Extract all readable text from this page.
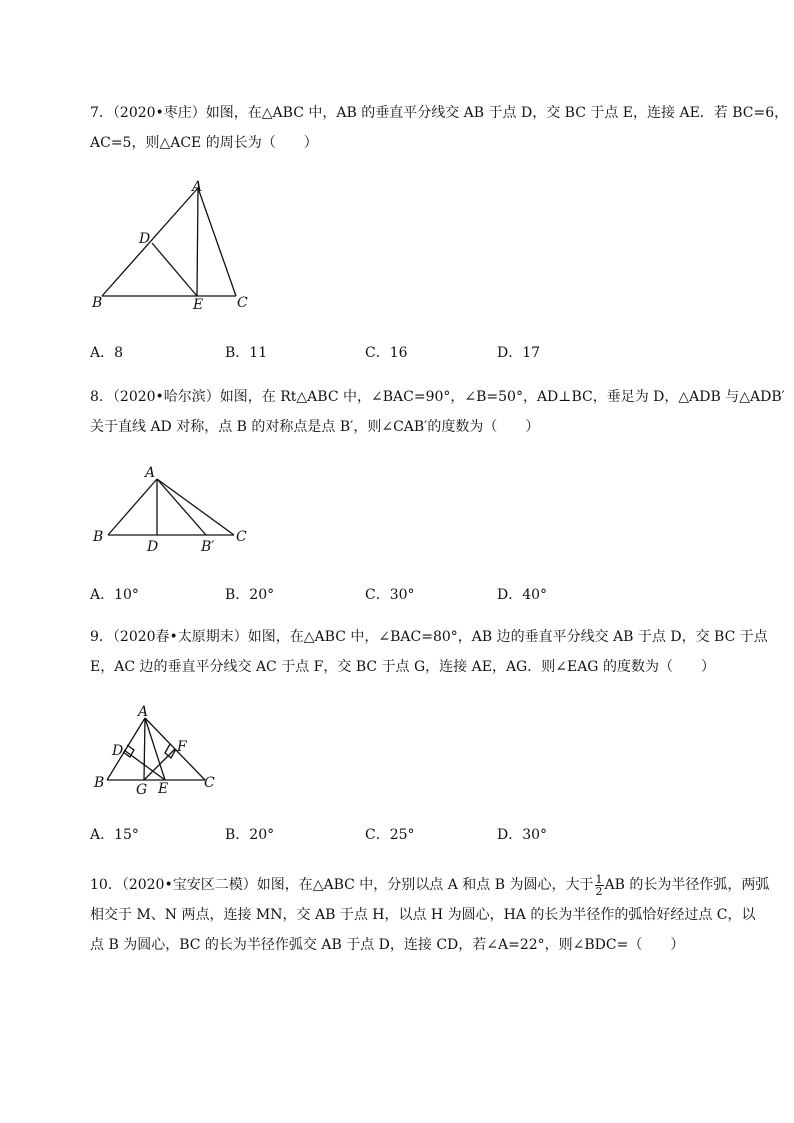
7．（2020•枣庄）如图，在△ABC 中，AB 的垂直平分线交 AB 于点 D，交 BC 于点 E，连接 AE．若 BC=6，
AC=5，则△ACE 的周长为（　　）
A
B	C
D
E
A．8	B．11	C．16	D．17
8．（2020•哈尔滨）如图，在 Rt△ABC 中，∠BAC=90°，∠B=50°，AD⊥BC，垂足为 D，△ADB 与△ADB′
关于直线 AD 对称，点 B 的对称点是点 B′，则∠CAB′的度数为（　　）
A
B	C
D	B′
A．10°	B．20°	C．30°	D．40°
9．（2020春•太原期末）如图，在△ABC 中，∠BAC=80°，AB 边的垂直平分线交 AB 于点 D，交 BC 于点
E，AC 边的垂直平分线交 AC 于点 F，交 BC 于点 G，连接 AE，AG．则∠EAG 的度数为（　　）
A
B	C
D	F
G E
A．15°	B．20°	C．25°	D．30°
10．（2020•宝安区二模）如图，在△ABC 中，分别以点 A 和点 B 为圆心，大于 $\frac{1}{2}$ AB 的长为半径作弧，两弧
相交于 M、N 两点，连接 MN，交 AB 于点 H，以点 H 为圆心，HA 的长为半径作的弧恰好经过点 C，以
点 B 为圆心，BC 的长为半径作弧交 AB 于点 D，连接 CD，若∠A=22°，则∠BDC=（　　）
